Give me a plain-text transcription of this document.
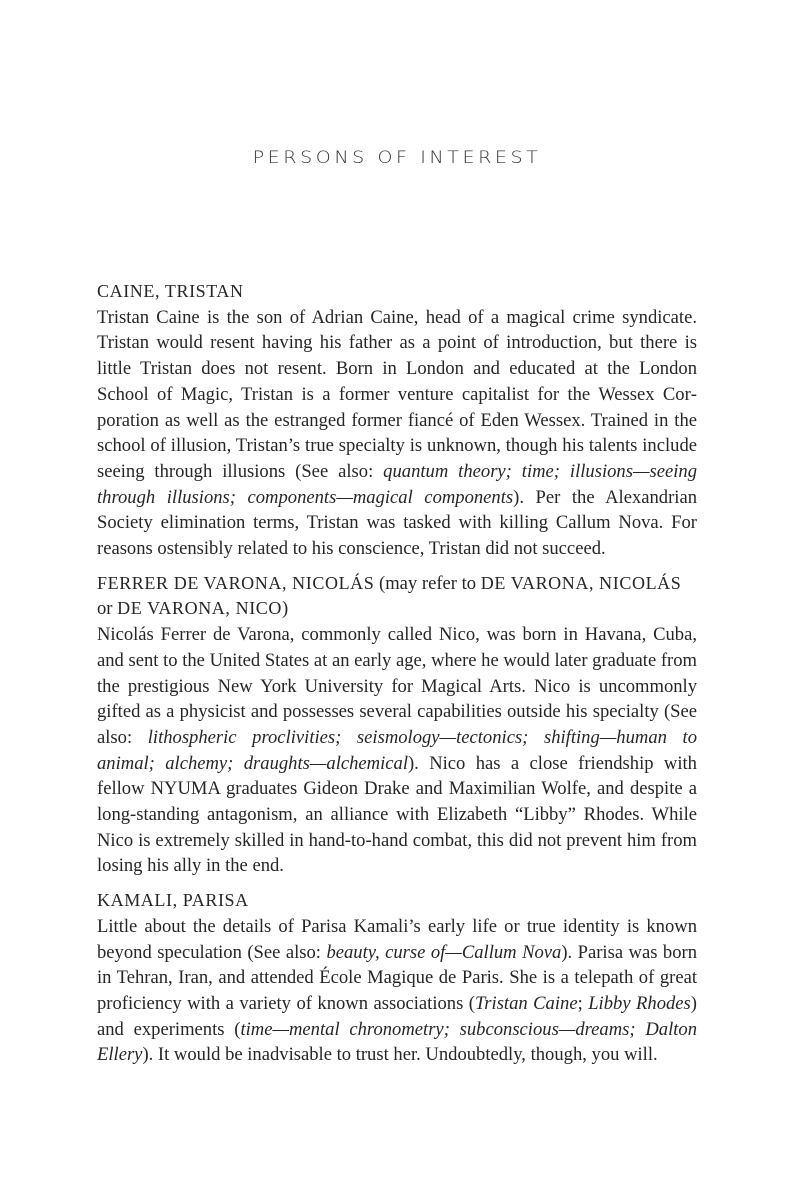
PERSONS OF INTEREST
CAINE, TRISTAN
Tristan Caine is the son of Adrian Caine, head of a magical crime syndicate. Tristan would resent having his father as a point of introduction, but there is little Tristan does not resent. Born in London and educated at the London School of Magic, Tristan is a former venture capitalist for the Wessex Corporation as well as the estranged former fiancé of Eden Wessex. Trained in the school of illusion, Tristan’s true specialty is unknown, though his talents include seeing through illusions (See also: quantum theory; time; illusions—seeing through illusions; components—magical components). Per the Alexandrian Society elimination terms, Tristan was tasked with killing Callum Nova. For reasons ostensibly related to his conscience, Tristan did not succeed.
FERRER DE VARONA, NICOLÁS (may refer to DE VARONA, NICOLÁS or DE VARONA, NICO)
Nicolás Ferrer de Varona, commonly called Nico, was born in Havana, Cuba, and sent to the United States at an early age, where he would later graduate from the prestigious New York University for Magical Arts. Nico is uncommonly gifted as a physicist and possesses several capabilities outside his specialty (See also: lithospheric proclivities; seismology—tectonics; shifting—human to animal; alchemy; draughts—alchemical). Nico has a close friendship with fellow NYUMA graduates Gideon Drake and Maximilian Wolfe, and despite a long-standing antagonism, an alliance with Elizabeth “Libby” Rhodes. While Nico is extremely skilled in hand-to-hand combat, this did not prevent him from losing his ally in the end.
KAMALI, PARISA
Little about the details of Parisa Kamali’s early life or true identity is known beyond speculation (See also: beauty, curse of—Callum Nova). Parisa was born in Tehran, Iran, and attended École Magique de Paris. She is a telepath of great proficiency with a variety of known associations (Tristan Caine; Libby Rhodes) and experiments (time—mental chronometry; subconscious—dreams; Dalton Ellery). It would be inadvisable to trust her. Undoubtedly, though, you will.
